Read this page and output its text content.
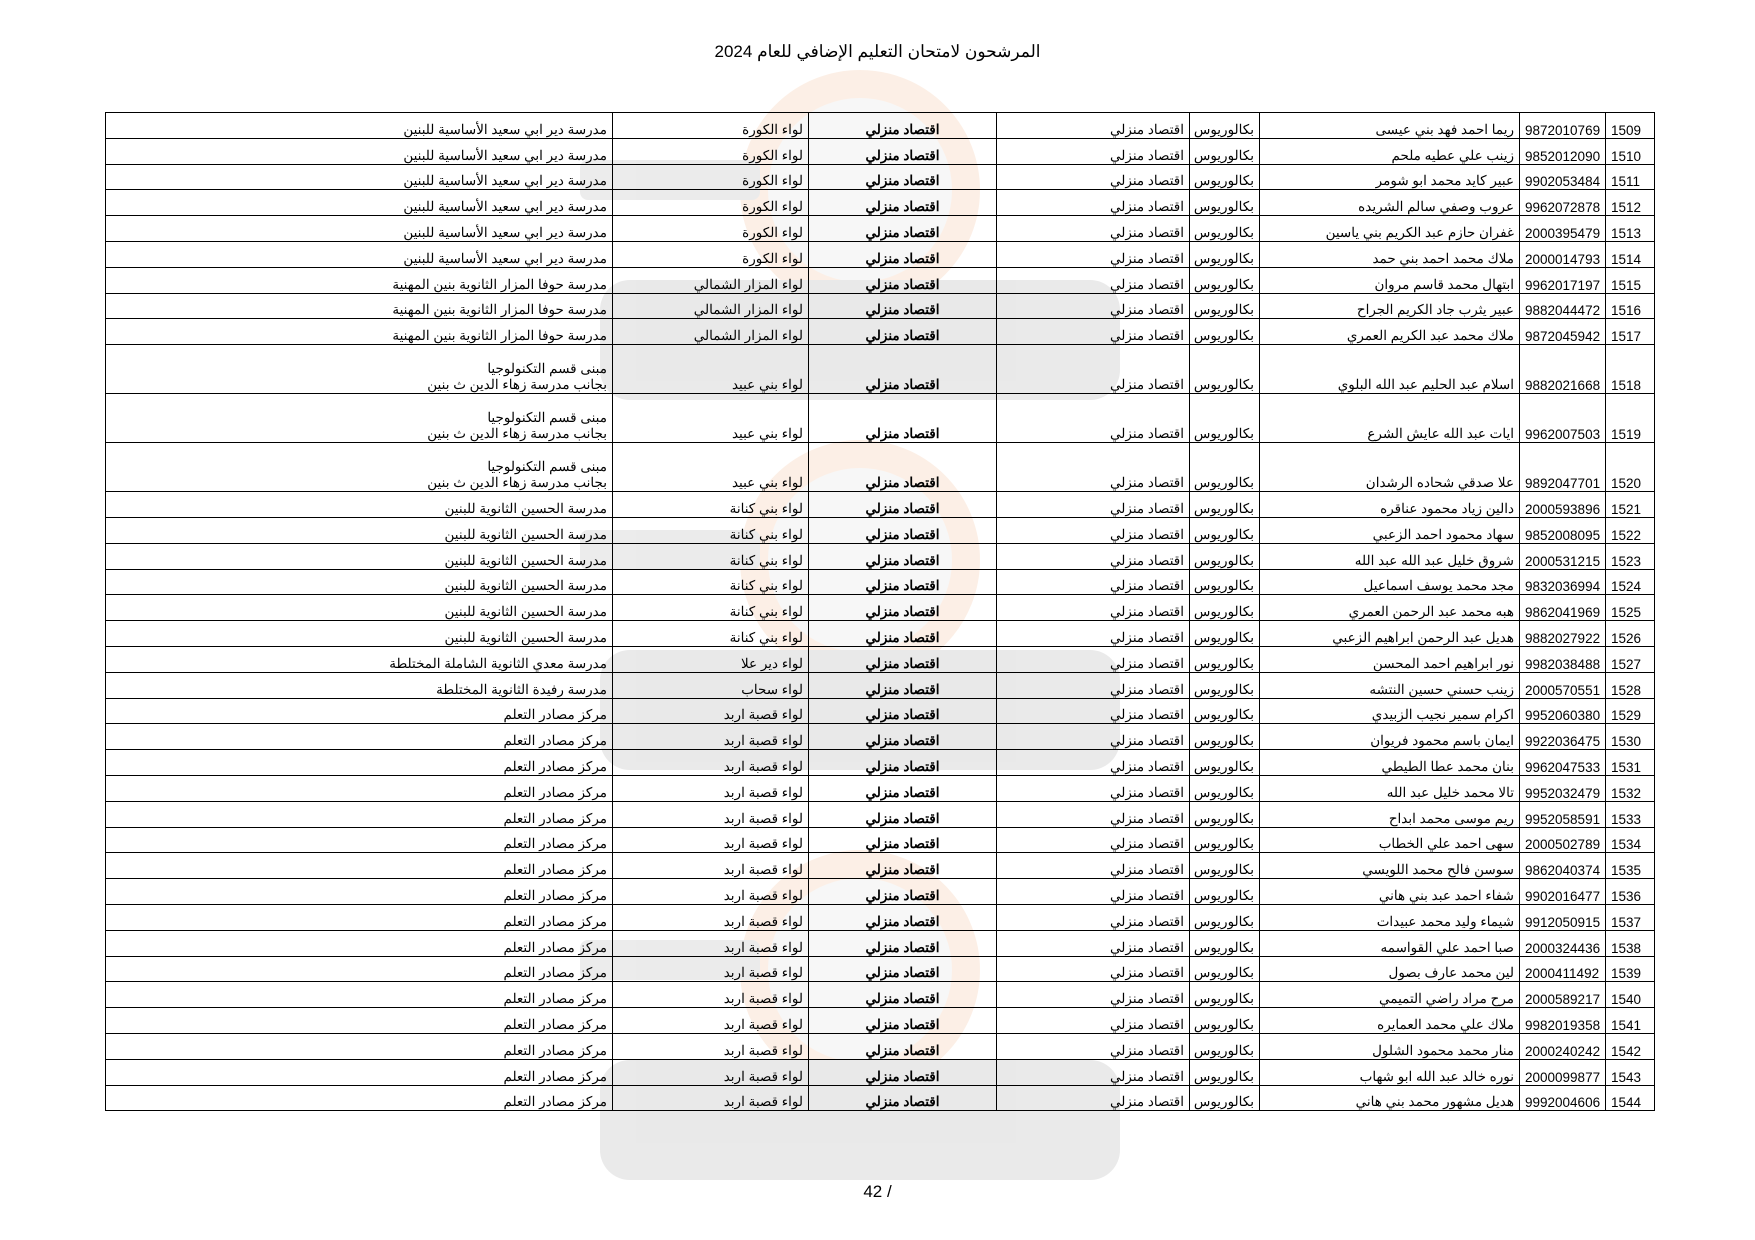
المرشحون لامتحان التعليم الإضافي للعام 2024
1509	9872010769	ريما احمد فهد بني عيسى	بكالوريوس	اقتصاد منزلي	اقتصاد منزلي	لواء الكورة	مدرسة دير ابي سعيد الأساسية للبنين

1510	9852012090	زينب علي عطيه ملحم	بكالوريوس	اقتصاد منزلي	اقتصاد منزلي	لواء الكورة	مدرسة دير ابي سعيد الأساسية للبنين

1511	9902053484	عبير كايد محمد ابو شومر	بكالوريوس	اقتصاد منزلي	اقتصاد منزلي	لواء الكورة	مدرسة دير ابي سعيد الأساسية للبنين

1512	9962072878	عروب وصفي سالم الشريده	بكالوريوس	اقتصاد منزلي	اقتصاد منزلي	لواء الكورة	مدرسة دير ابي سعيد الأساسية للبنين

1513	2000395479	غفران حازم عبد الكريم بني ياسين	بكالوريوس	اقتصاد منزلي	اقتصاد منزلي	لواء الكورة	مدرسة دير ابي سعيد الأساسية للبنين

1514	2000014793	ملاك محمد احمد بني حمد	بكالوريوس	اقتصاد منزلي	اقتصاد منزلي	لواء الكورة	مدرسة دير ابي سعيد الأساسية للبنين

1515	9962017197	ابتهال محمد قاسم مروان	بكالوريوس	اقتصاد منزلي	اقتصاد منزلي	لواء المزار الشمالي	مدرسة حوفا المزار الثانوية بنين المهنية

1516	9882044472	عبير يثرب جاد الكريم الجراح	بكالوريوس	اقتصاد منزلي	اقتصاد منزلي	لواء المزار الشمالي	مدرسة حوفا المزار الثانوية بنين المهنية

1517	9872045942	ملاك محمد عبد الكريم العمري	بكالوريوس	اقتصاد منزلي	اقتصاد منزلي	لواء المزار الشمالي	مدرسة حوفا المزار الثانوية بنين المهنية

1518	9882021668	اسلام عبد الحليم عبد الله البلوي	بكالوريوس	اقتصاد منزلي	اقتصاد منزلي	لواء بني عبيد	مبنى قسم التكنولوجيا
بجانب مدرسة زهاء الدين ث بنين

1519	9962007503	ايات عبد الله عايش الشرع	بكالوريوس	اقتصاد منزلي	اقتصاد منزلي	لواء بني عبيد	مبنى قسم التكنولوجيا
بجانب مدرسة زهاء الدين ث بنين

1520	9892047701	علا صدقي شحاده الرشدان	بكالوريوس	اقتصاد منزلي	اقتصاد منزلي	لواء بني عبيد	مبنى قسم التكنولوجيا
بجانب مدرسة زهاء الدين ث بنين

1521	2000593896	دالين زياد محمود عناقره	بكالوريوس	اقتصاد منزلي	اقتصاد منزلي	لواء بني كنانة	مدرسة الحسين الثانوية للبنين

1522	9852008095	سهاد محمود احمد الزعبي	بكالوريوس	اقتصاد منزلي	اقتصاد منزلي	لواء بني كنانة	مدرسة الحسين الثانوية للبنين

1523	2000531215	شروق خليل عبد الله عبد الله	بكالوريوس	اقتصاد منزلي	اقتصاد منزلي	لواء بني كنانة	مدرسة الحسين الثانوية للبنين

1524	9832036994	مجد محمد يوسف اسماعيل	بكالوريوس	اقتصاد منزلي	اقتصاد منزلي	لواء بني كنانة	مدرسة الحسين الثانوية للبنين

1525	9862041969	هبه محمد عبد الرحمن العمري	بكالوريوس	اقتصاد منزلي	اقتصاد منزلي	لواء بني كنانة	مدرسة الحسين الثانوية للبنين

1526	9882027922	هديل عبد الرحمن ابراهيم الزعبي	بكالوريوس	اقتصاد منزلي	اقتصاد منزلي	لواء بني كنانة	مدرسة الحسين الثانوية للبنين

1527	9982038488	نور ابراهيم احمد المحسن	بكالوريوس	اقتصاد منزلي	اقتصاد منزلي	لواء دير علا	مدرسة معدي الثانوية الشاملة المختلطة

1528	2000570551	زينب حسني حسين النتشه	بكالوريوس	اقتصاد منزلي	اقتصاد منزلي	لواء سحاب	مدرسة رفيدة الثانوية المختلطة

1529	9952060380	اكرام سمير نجيب الزبيدي	بكالوريوس	اقتصاد منزلي	اقتصاد منزلي	لواء قصبة اربد	مركز مصادر التعلم

1530	9922036475	ايمان باسم محمود فريوان	بكالوريوس	اقتصاد منزلي	اقتصاد منزلي	لواء قصبة اربد	مركز مصادر التعلم

1531	9962047533	بنان محمد عطا الطيطي	بكالوريوس	اقتصاد منزلي	اقتصاد منزلي	لواء قصبة اربد	مركز مصادر التعلم

1532	9952032479	تالا محمد خليل عبد الله	بكالوريوس	اقتصاد منزلي	اقتصاد منزلي	لواء قصبة اربد	مركز مصادر التعلم

1533	9952058591	ريم موسى محمد ابداح	بكالوريوس	اقتصاد منزلي	اقتصاد منزلي	لواء قصبة اربد	مركز مصادر التعلم

1534	2000502789	سهى احمد علي الخطاب	بكالوريوس	اقتصاد منزلي	اقتصاد منزلي	لواء قصبة اربد	مركز مصادر التعلم

1535	9862040374	سوسن فالح محمد اللويسي	بكالوريوس	اقتصاد منزلي	اقتصاد منزلي	لواء قصبة اربد	مركز مصادر التعلم

1536	9902016477	شفاء احمد عبد بني هاني	بكالوريوس	اقتصاد منزلي	اقتصاد منزلي	لواء قصبة اربد	مركز مصادر التعلم

1537	9912050915	شيماء وليد محمد عبيدات	بكالوريوس	اقتصاد منزلي	اقتصاد منزلي	لواء قصبة اربد	مركز مصادر التعلم

1538	2000324436	صبا احمد علي القواسمه	بكالوريوس	اقتصاد منزلي	اقتصاد منزلي	لواء قصبة اربد	مركز مصادر التعلم

1539	2000411492	لين محمد عارف بصول	بكالوريوس	اقتصاد منزلي	اقتصاد منزلي	لواء قصبة اربد	مركز مصادر التعلم

1540	2000589217	مرح مراد راضي التميمي	بكالوريوس	اقتصاد منزلي	اقتصاد منزلي	لواء قصبة اربد	مركز مصادر التعلم

1541	9982019358	ملاك علي محمد العمايره	بكالوريوس	اقتصاد منزلي	اقتصاد منزلي	لواء قصبة اربد	مركز مصادر التعلم

1542	2000240242	منار محمد محمود الشلول	بكالوريوس	اقتصاد منزلي	اقتصاد منزلي	لواء قصبة اربد	مركز مصادر التعلم

1543	2000099877	نوره خالد عبد الله ابو شهاب	بكالوريوس	اقتصاد منزلي	اقتصاد منزلي	لواء قصبة اربد	مركز مصادر التعلم

1544	9992004606	هديل مشهور محمد بني هاني	بكالوريوس	اقتصاد منزلي	اقتصاد منزلي	لواء قصبة اربد	مركز مصادر التعلم
42 /
